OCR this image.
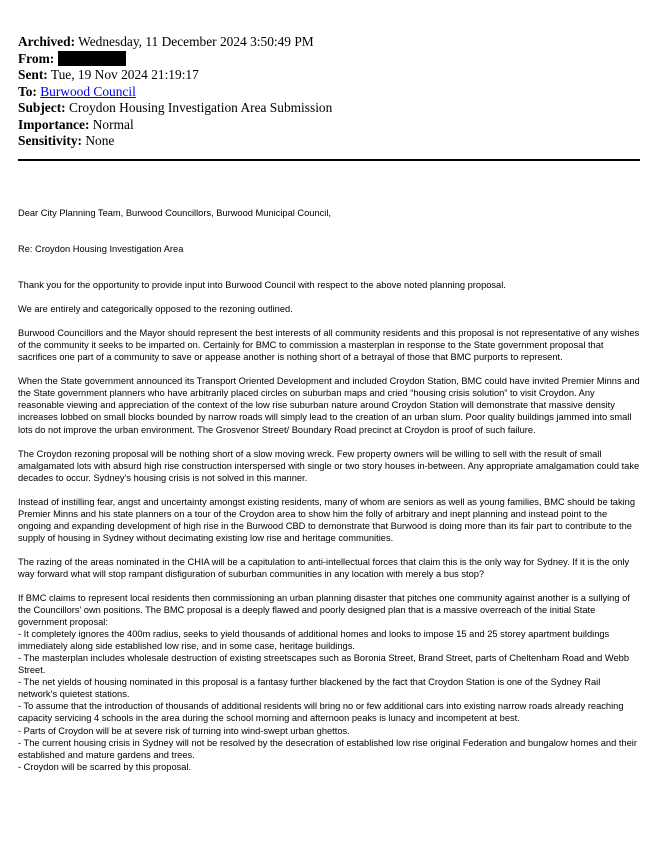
Archived: Wednesday, 11 December 2024 3:50:49 PM
From:
Sent: Tue, 19 Nov 2024 21:19:17
To: Burwood Council
Subject: Croydon Housing Investigation Area Submission
Importance: Normal
Sensitivity: None

Dear City Planning Team, Burwood Councillors, Burwood Municipal Council,

Re: Croydon Housing Investigation Area

Thank you for the opportunity to provide input into Burwood Council with respect to the above noted planning proposal.

We are entirely and categorically opposed to the rezoning outlined.

Burwood Councillors and the Mayor should represent the best interests of all community residents and this proposal is not representative of any wishes of the community it seeks to be imparted on. Certainly for BMC to commission a masterplan in response to the State government proposal that sacrifices one part of a community to save or appease another is nothing short of a betrayal of those that BMC purports to represent.

When the State government announced its Transport Oriented Development and included Croydon Station, BMC could have invited Premier Minns and the State government planners who have arbitrarily placed circles on suburban maps and cried “housing crisis solution” to visit Croydon. Any reasonable viewing and appreciation of the context of the low rise suburban nature around Croydon Station will demonstrate that massive density increases lobbed on small blocks bounded by narrow roads will simply lead to the creation of an urban slum. Poor quality buildings jammed into small lots do not improve the urban environment. The Grosvenor Street/ Boundary Road precinct at Croydon is proof of such failure.

The Croydon rezoning proposal will be nothing short of a slow moving wreck. Few property owners will be willing to sell with the result of small amalgamated lots with absurd high rise construction interspersed with single or two story houses in-between. Any appropriate amalgamation could take decades to occur. Sydney’s housing crisis is not solved in this manner.

Instead of instilling fear, angst and uncertainty amongst existing residents, many of whom are seniors as well as young families, BMC should be taking Premier Minns and his state planners on a tour of the Croydon area to show him the folly of arbitrary and inept planning and instead point to the ongoing and expanding development of high rise in the Burwood CBD to demonstrate that Burwood is doing more than its fair part to contribute to the supply of housing in Sydney without decimating existing low rise and heritage communities.

The razing of the areas nominated in the CHIA will be a capitulation to anti-intellectual forces that claim this is the only way for Sydney. If it is the only way forward what will stop rampant disfiguration of suburban communities in any location with merely a bus stop?

If BMC claims to represent local residents then commissioning an urban planning disaster that pitches one community against another is a sullying of the Councillors’ own positions. The BMC proposal is a deeply flawed and poorly designed plan that is a massive overreach of the initial State government proposal:

- It completely ignores the 400m radius, seeks to yield thousands of additional homes and looks to impose 15 and 25 storey apartment buildings immediately along side established low rise, and in some case, heritage buildings.

- The masterplan includes wholesale destruction of existing streetscapes such as Boronia Street, Brand Street, parts of Cheltenham Road and Webb Street.

- The net yields of housing nominated in this proposal is a fantasy further blackened by the fact that Croydon Station is one of the Sydney Rail network’s quietest stations.

- To assume that the introduction of thousands of additional residents will bring no or few additional cars into existing narrow roads already reaching capacity servicing 4 schools in the area during the school morning and afternoon peaks is lunacy and incompetent at best.

- Parts of Croydon will be at severe risk of turning into wind-swept urban ghettos.

- The current housing crisis in Sydney will not be resolved by the desecration of established low rise original Federation and bungalow homes and their established and mature gardens and trees.

- Croydon will be scarred by this proposal.
